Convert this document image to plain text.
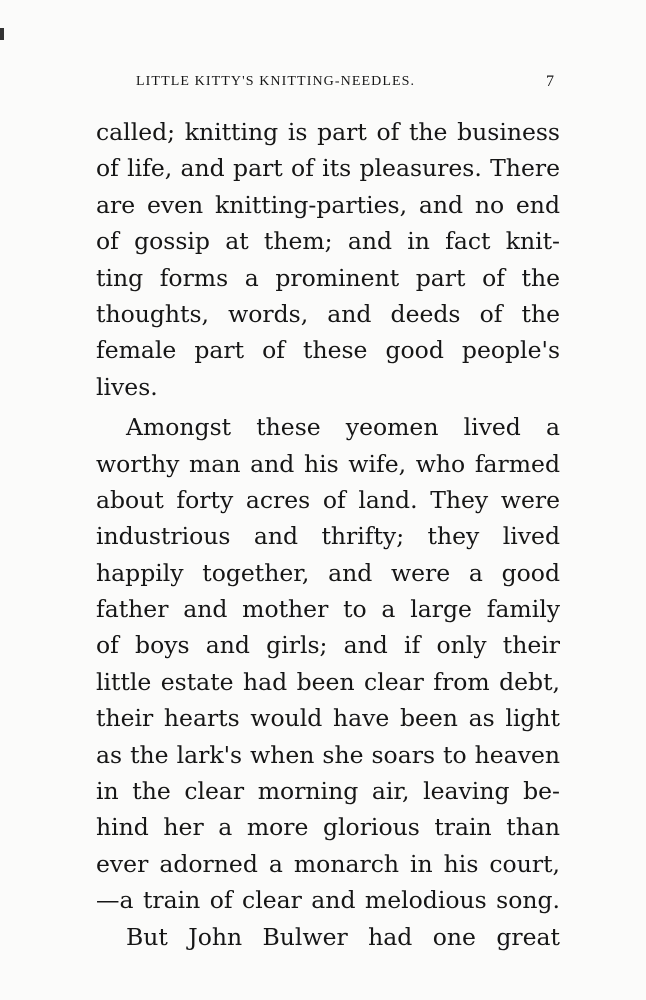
LITTLE KITTY'S KNITTING-NEEDLES.	7
called; knitting is part of the business
of life, and part of its pleasures. There
are even knitting-parties, and no end
of gossip at them; and in fact knit-
ting forms a prominent part of the
thoughts, words, and deeds of the
female part of these good people's
lives.
Amongst these yeomen lived a
worthy man and his wife, who farmed
about forty acres of land. They were
industrious and thrifty; they lived
happily together, and were a good
father and mother to a large family
of boys and girls; and if only their
little estate had been clear from debt,
their hearts would have been as light
as the lark's when she soars to heaven
in the clear morning air, leaving be-
hind her a more glorious train than
ever adorned a monarch in his court,
—a train of clear and melodious song.
But John Bulwer had one great
